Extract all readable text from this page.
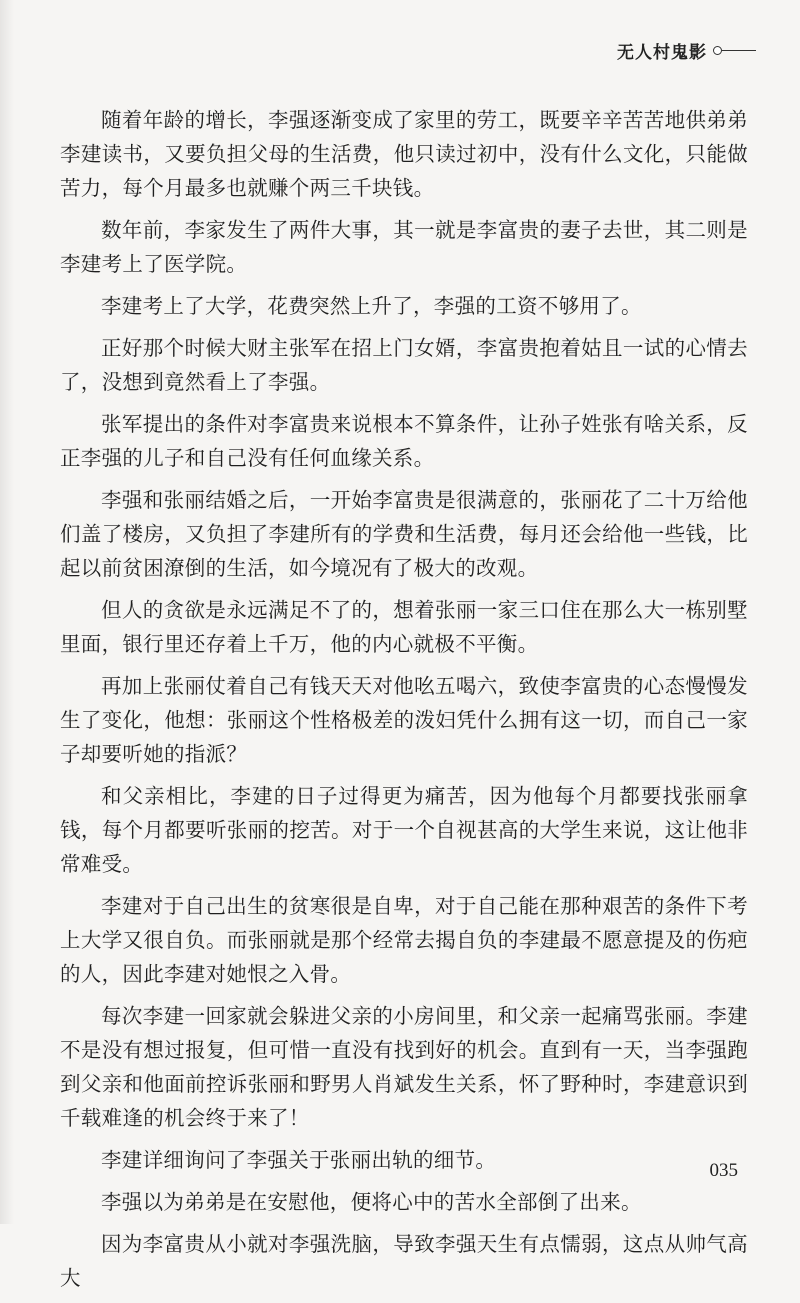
无人村鬼影

随着年龄的增长，李强逐渐变成了家里的劳工，既要辛辛苦苦地供弟弟李建读书，又要负担父母的生活费，他只读过初中，没有什么文化，只能做苦力，每个月最多也就赚个两三千块钱。

数年前，李家发生了两件大事，其一就是李富贵的妻子去世，其二则是李建考上了医学院。

李建考上了大学，花费突然上升了，李强的工资不够用了。

正好那个时候大财主张军在招上门女婿，李富贵抱着姑且一试的心情去了，没想到竟然看上了李强。

张军提出的条件对李富贵来说根本不算条件，让孙子姓张有啥关系，反正李强的儿子和自己没有任何血缘关系。

李强和张丽结婚之后，一开始李富贵是很满意的，张丽花了二十万给他们盖了楼房，又负担了李建所有的学费和生活费，每月还会给他一些钱，比起以前贫困潦倒的生活，如今境况有了极大的改观。

但人的贪欲是永远满足不了的，想着张丽一家三口住在那么大一栋别墅里面，银行里还存着上千万，他的内心就极不平衡。

再加上张丽仗着自己有钱天天对他吆五喝六，致使李富贵的心态慢慢发生了变化，他想：张丽这个性格极差的泼妇凭什么拥有这一切，而自己一家子却要听她的指派？

和父亲相比，李建的日子过得更为痛苦，因为他每个月都要找张丽拿钱，每个月都要听张丽的挖苦。对于一个自视甚高的大学生来说，这让他非常难受。

李建对于自己出生的贫寒很是自卑，对于自己能在那种艰苦的条件下考上大学又很自负。而张丽就是那个经常去揭自负的李建最不愿意提及的伤疤的人，因此李建对她恨之入骨。

每次李建一回家就会躲进父亲的小房间里，和父亲一起痛骂张丽。李建不是没有想过报复，但可惜一直没有找到好的机会。直到有一天，当李强跑到父亲和他面前控诉张丽和野男人肖斌发生关系，怀了野种时，李建意识到千载难逢的机会终于来了！

李建详细询问了李强关于张丽出轨的细节。

李强以为弟弟是在安慰他，便将心中的苦水全部倒了出来。

因为李富贵从小就对李强洗脑，导致李强天生有点懦弱，这点从帅气高大

035
